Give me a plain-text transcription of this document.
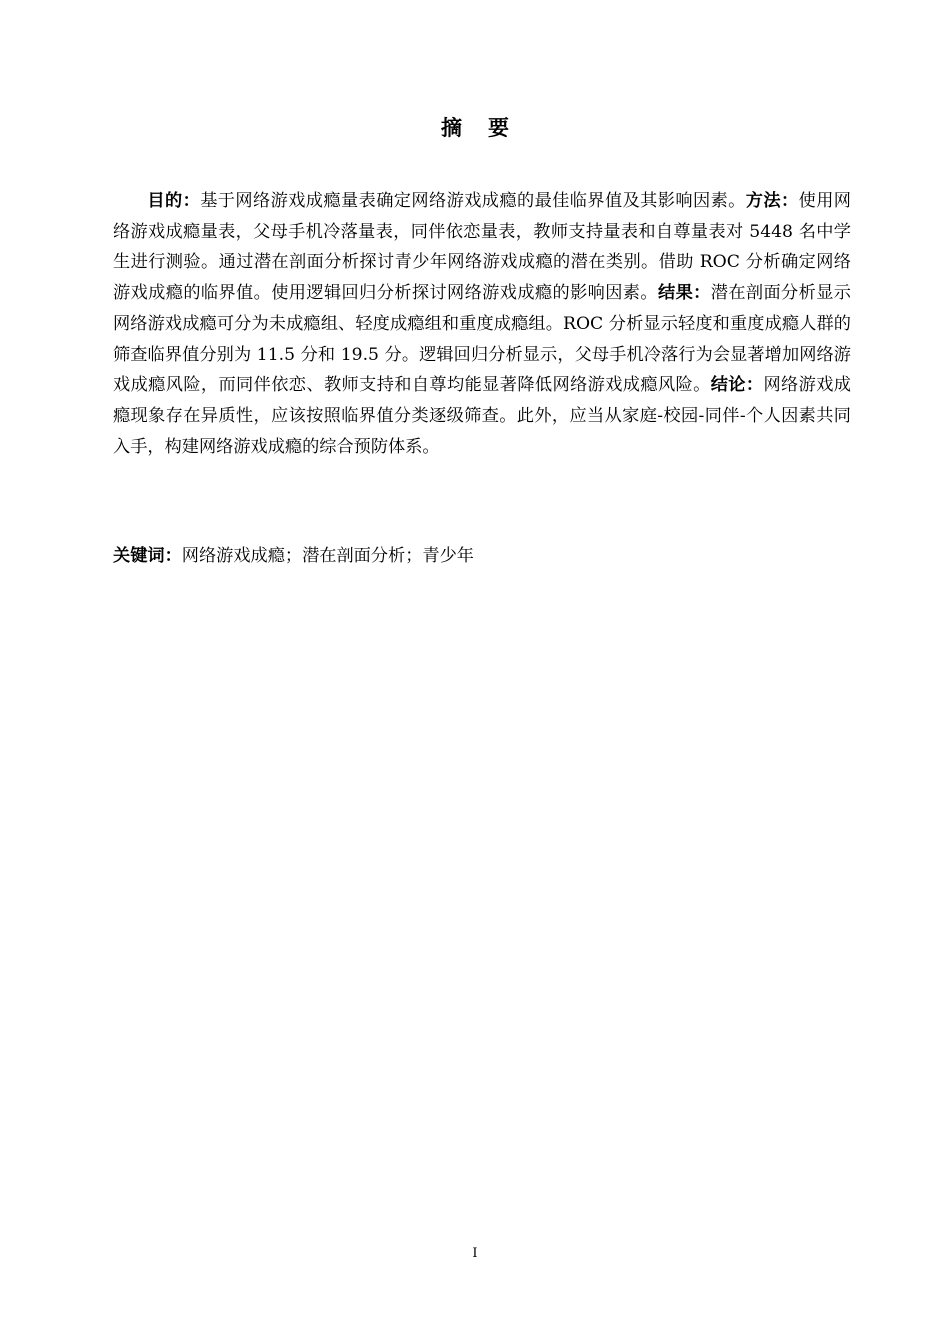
摘 要

目的：基于网络游戏成瘾量表确定网络游戏成瘾的最佳临界值及其影响因素。方法：使用网络游戏成瘾量表，父母手机冷落量表，同伴依恋量表，教师支持量表和自尊量表对 5448 名中学生进行测验。通过潜在剖面分析探讨青少年网络游戏成瘾的潜在类别。借助 ROC 分析确定网络游戏成瘾的临界值。使用逻辑回归分析探讨网络游戏成瘾的影响因素。结果：潜在剖面分析显示网络游戏成瘾可分为未成瘾组、轻度成瘾组和重度成瘾组。ROC 分析显示轻度和重度成瘾人群的筛查临界值分别为 11.5 分和 19.5 分。逻辑回归分析显示，父母手机冷落行为会显著增加网络游戏成瘾风险，而同伴依恋、教师支持和自尊均能显著降低网络游戏成瘾风险。结论：网络游戏成瘾现象存在异质性，应该按照临界值分类逐级筛查。此外，应当从家庭-校园-同伴-个人因素共同入手，构建网络游戏成瘾的综合预防体系。

关键词：网络游戏成瘾；潜在剖面分析；青少年

I
